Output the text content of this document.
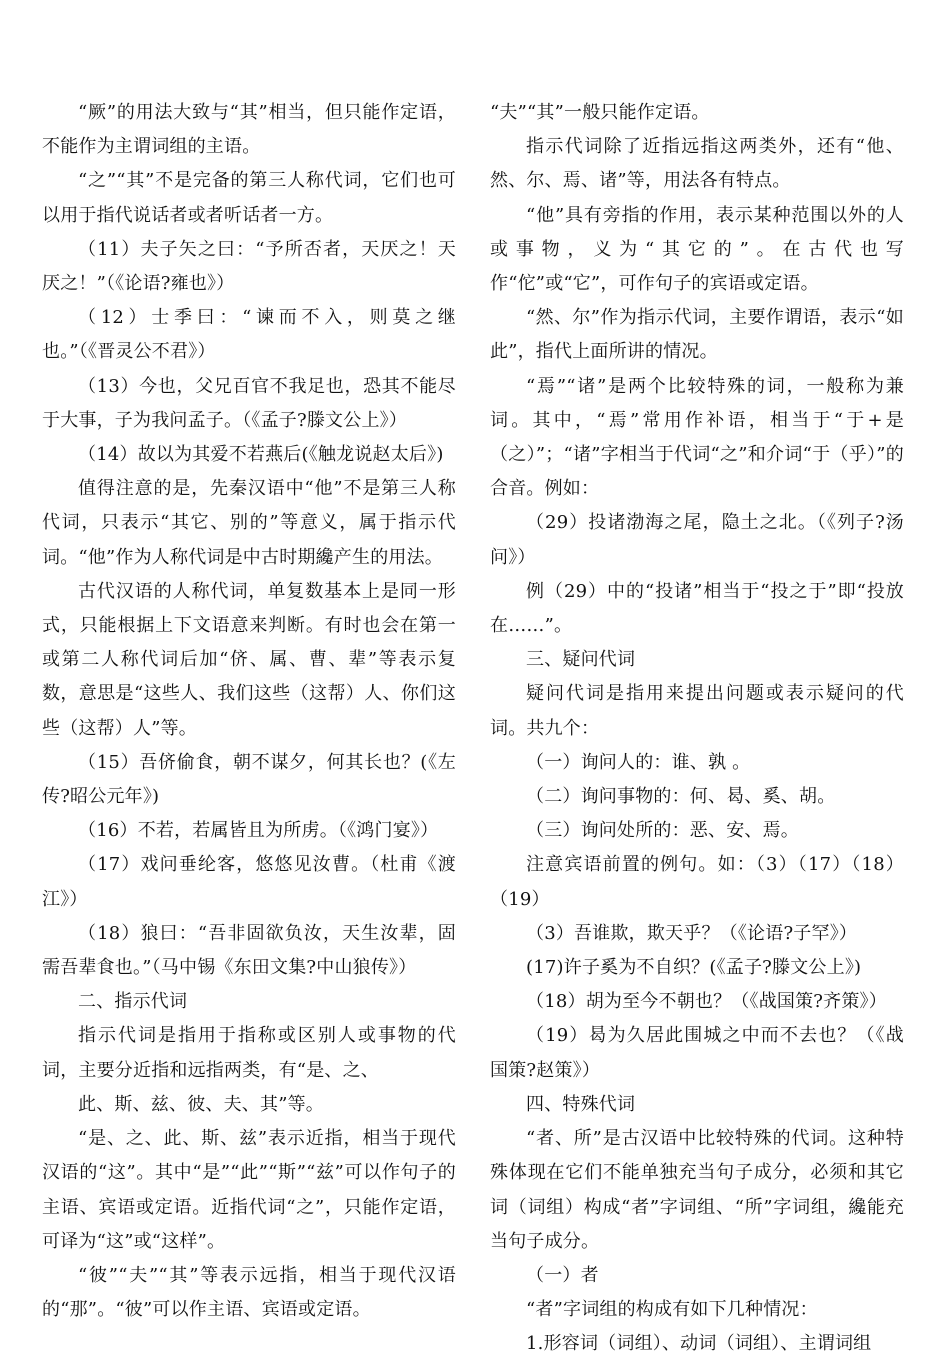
“厥”的用法大致与“其”相当，但只能作定语，不能作为主谓词组的主语。

“之”“其”不是完备的第三人称代词，它们也可以用于指代说话者或者听话者一方。

（11）夫子矢之曰：“予所否者，天厌之！天厌之！”（《论语?雍也》）

（12）士季曰：“谏而不入，则莫之继也。”（《晋灵公不君》）

（13）今也，父兄百官不我足也，恐其不能尽于大事，子为我问孟子。（《孟子?滕文公上》）

（14）故以为其爱不若燕后(《触龙说赵太后》)

值得注意的是，先秦汉语中“他”不是第三人称代词，只表示“其它、别的”等意义，属于指示代词。“他”作为人称代词是中古时期纔产生的用法。

古代汉语的人称代词，单复数基本上是同一形式，只能根据上下文语意来判断。有时也会在第一或第二人称代词后加“侪、属、曹、辈”等表示复数，意思是“这些人、我们这些（这帮）人、你们这些（这帮）人”等。

（15）吾侪偷食，朝不谋夕，何其长也？(《左传?昭公元年》)

（16）不若，若属皆且为所虏。（《鸿门宴》）

（17）戏问垂纶客，悠悠见汝曹。（杜甫《渡江》）

（18）狼曰：“吾非固欲负汝，天生汝辈，固需吾辈食也。”（马中锡《东田文集?中山狼传》）

二、指示代词

指示代词是指用于指称或区别人或事物的代词，主要分近指和远指两类，有“是、之、

此、斯、兹、彼、夫、其”等。

“是、之、此、斯、兹”表示近指，相当于现代汉语的“这”。其中“是”“此”“斯”“兹”可以作句子的主语、宾语或定语。近指代词“之”，只能作定语，可译为“这”或“这样”。

“彼”“夫”“其”等表示远指，相当于现代汉语的“那”。“彼”可以作主语、宾语或定语。

“夫”“其”一般只能作定语。

指示代词除了近指远指这两类外，还有“他、然、尔、焉、诸”等，用法各有特点。

“他”具有旁指的作用，表示某种范围以外的人或事物，义为“其它的”。在古代也写作“佗”或“它”，可作句子的宾语或定语。

“然、尔”作为指示代词，主要作谓语，表示“如此”，指代上面所讲的情况。

“焉”“诸”是两个比较特殊的词，一般称为兼词。其中，“焉”常用作补语，相当于“于+是（之）”；“诸”字相当于代词“之”和介词“于（乎）”的合音。例如：

（29）投诸渤海之尾，隐土之北。（《列子?汤问》）

例（29）中的“投诸”相当于“投之于”即“投放在……”。

三、疑问代词

疑问代词是指用来提出问题或表示疑问的代词。共九个：

（一）询问人的：谁、孰 。

（二）询问事物的：何、曷、奚、胡。

（三）询问处所的：恶、安、焉。

注意宾语前置的例句。如：（3）（17）（18）（19）

（3）吾谁欺，欺天乎？（《论语?子罕》）

(17)许子奚为不自织？(《孟子?滕文公上》)

（18）胡为至今不朝也？（《战国策?齐策》）

（19）曷为久居此围城之中而不去也？（《战国策?赵策》）

四、特殊代词

“者、所”是古汉语中比较特殊的代词。这种特殊体现在它们不能单独充当句子成分，必须和其它词（词组）构成“者”字词组、“所”字词组，纔能充当句子成分。

（一）者

“者”字词组的构成有如下几种情况：

1.形容词（词组）、动词（词组）、主谓词组
